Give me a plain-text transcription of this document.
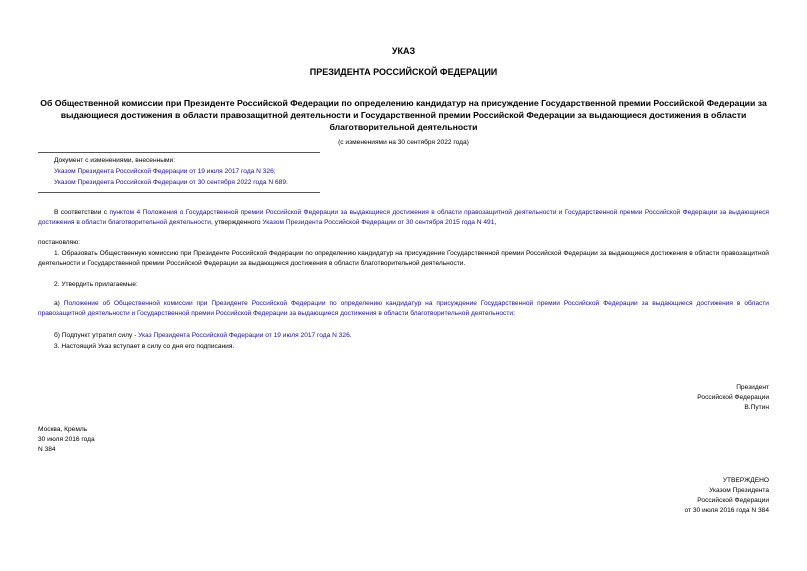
УКАЗ
ПРЕЗИДЕНТА РОССИЙСКОЙ ФЕДЕРАЦИИ
Об Общественной комиссии при Президенте Российской Федерации по определению кандидатур на присуждение Государственной премии Российской Федерации за выдающиеся достижения в области правозащитной деятельности и Государственной премии Российской Федерации за выдающиеся достижения в области благотворительной деятельности
(с изменениями на 30 сентября 2022 года)
Документ с изменениями, внесенными:
Указом Президента Российской Федерации от 19 июля 2017 года N 326;
Указом Президента Российской Федерации от 30 сентября 2022 года N 689.
В соответствии с пунктом 4 Положения о Государственной премии Российской Федерации за выдающиеся достижения в области правозащитной деятельности и Государственной премии Российской Федерации за выдающиеся достижения в области благотворительной деятельности, утвержденного Указом Президента Российской Федерации от 30 сентября 2015 года N 491,
постановляю:
1. Образовать Общественную комиссию при Президенте Российской Федерации по определению кандидатур на присуждение Государственной премии Российской Федерации за выдающиеся достижения в области правозащитной деятельности и Государственной премии Российской Федерации за выдающиеся достижения в области благотворительной деятельности.
2. Утвердить прилагаемые:
а) Положение об Общественной комиссии при Президенте Российской Федерации по определению кандидатур на присуждение Государственной премии Российской Федерации за выдающиеся достижения в области правозащитной деятельности и Государственной премии Российской Федерации за выдающиеся достижения в области благотворительной деятельности;
б) Подпункт утратил силу - Указ Президента Российской Федерации от 19 июля 2017 года N 326.
3. Настоящий Указ вступает в силу со дня его подписания.
Президент
Российской Федерации
В.Путин
Москва, Кремль
30 июля 2016 года
N 384
УТВЕРЖДЕНО
Указом Президента
Российской Федерации
от 30 июля 2016 года N 384
